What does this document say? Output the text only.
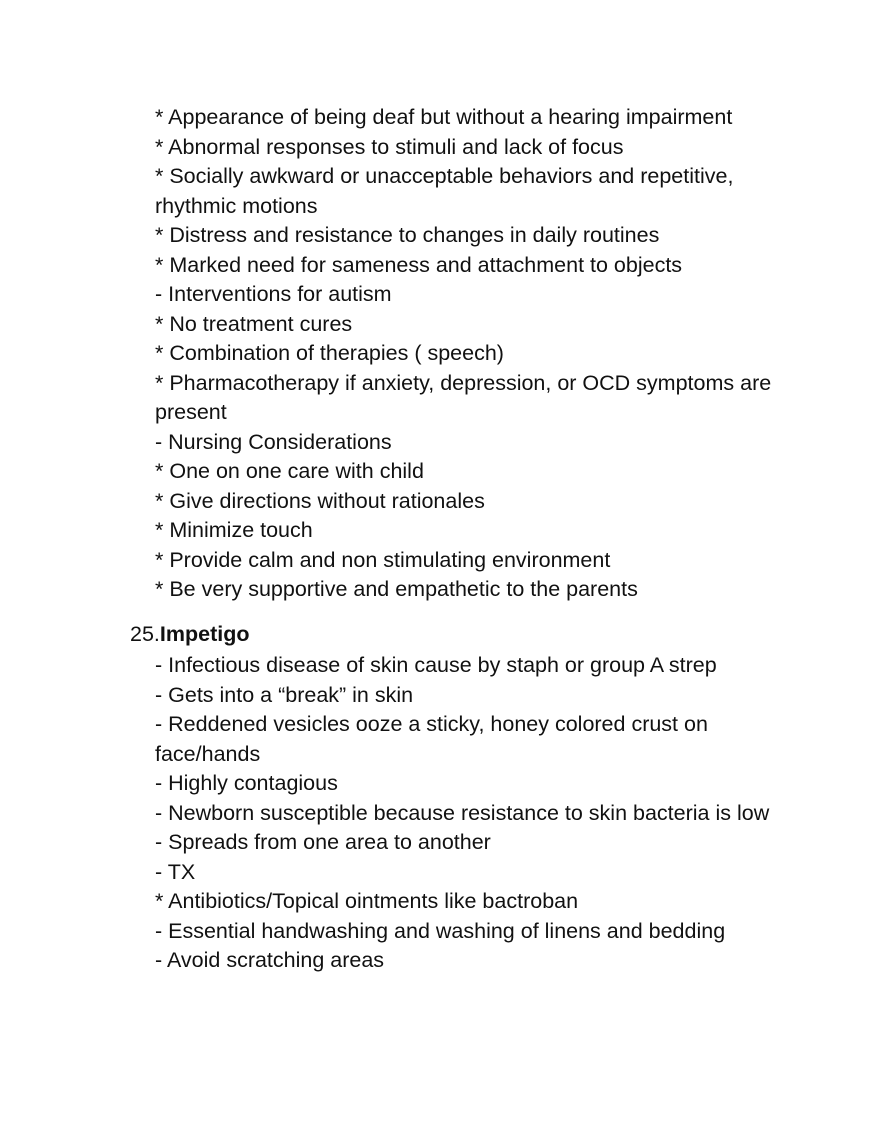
* Appearance of being deaf but without a hearing impairment

* Abnormal responses to stimuli and lack of focus

* Socially awkward or unacceptable behaviors and repetitive, rhythmic motions

* Distress and resistance to changes in daily routines

* Marked need for sameness and attachment to objects

- Interventions for autism

* No treatment cures

* Combination of therapies ( speech)

* Pharmacotherapy if anxiety, depression, or OCD symptoms are present

- Nursing Considerations

* One on one care with child

* Give directions without rationales

* Minimize touch

* Provide calm and non stimulating environment

* Be very supportive and empathetic to the parents

25.Impetigo

- Infectious disease of skin cause by staph or group A strep

- Gets into a “break” in skin

- Reddened vesicles ooze a sticky, honey colored crust on face/hands

- Highly contagious

- Newborn susceptible because resistance to skin bacteria is low

- Spreads from one area to another

- TX

* Antibiotics/Topical ointments like bactroban

- Essential handwashing and washing of linens and bedding

- Avoid scratching areas
